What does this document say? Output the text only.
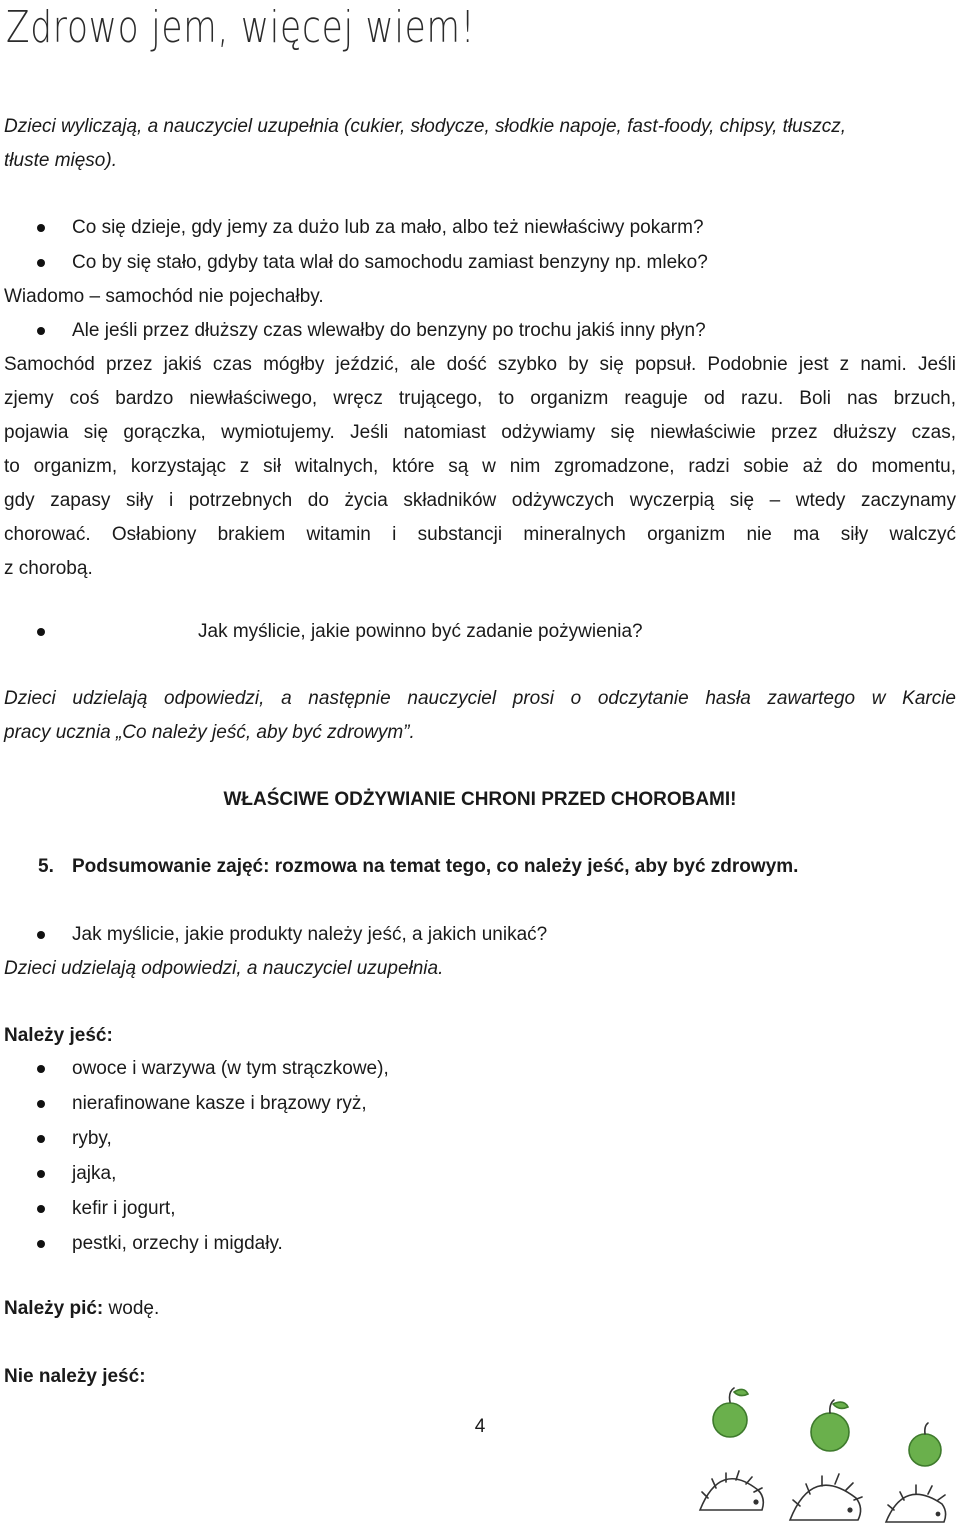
Zdrowo jem, więcej wiem!
Dzieci wyliczają, a nauczyciel uzupełnia (cukier, słodycze, słodkie napoje, fast-foody, chipsy, tłuszcz,
tłuste mięso).
Co się dzieje, gdy jemy za dużo lub za mało, albo też niewłaściwy pokarm?
Co by się stało, gdyby tata wlał do samochodu zamiast benzyny np. mleko?
Wiadomo – samochód nie pojechałby.
Ale jeśli przez dłuższy czas wlewałby do benzyny po trochu jakiś inny płyn?
Samochód przez jakiś czas mógłby jeździć, ale dość szybko by się popsuł. Podobnie jest z nami. Jeśli
zjemy coś bardzo niewłaściwego, wręcz trującego, to organizm reaguje od razu. Boli nas brzuch,
pojawia się gorączka, wymiotujemy. Jeśli natomiast odżywiamy się niewłaściwie przez dłuższy czas,
to organizm, korzystając z sił witalnych, które są w nim zgromadzone, radzi sobie aż do momentu,
gdy zapasy siły i potrzebnych do życia składników odżywczych wyczerpią się – wtedy zaczynamy
chorować. Osłabiony brakiem witamin i substancji mineralnych organizm nie ma siły walczyć
z chorobą.
Jak myślicie, jakie powinno być zadanie pożywienia?
Dzieci udzielają odpowiedzi, a następnie nauczyciel prosi o odczytanie hasła zawartego w Karcie
pracy ucznia „Co należy jeść, aby być zdrowym”.
WŁAŚCIWE ODŻYWIANIE CHRONI PRZED CHOROBAMI!
5. Podsumowanie zajęć: rozmowa na temat tego, co należy jeść, aby być zdrowym.
Jak myślicie, jakie produkty należy jeść, a jakich unikać?
Dzieci udzielają odpowiedzi, a nauczyciel uzupełnia.
Należy jeść:
owoce i warzywa (w tym strączkowe),
nierafinowane kasze i brązowy ryż,
ryby,
jajka,
kefir i jogurt,
pestki, orzechy i migdały.
Należy pić: wodę.
Nie należy jeść:
4
